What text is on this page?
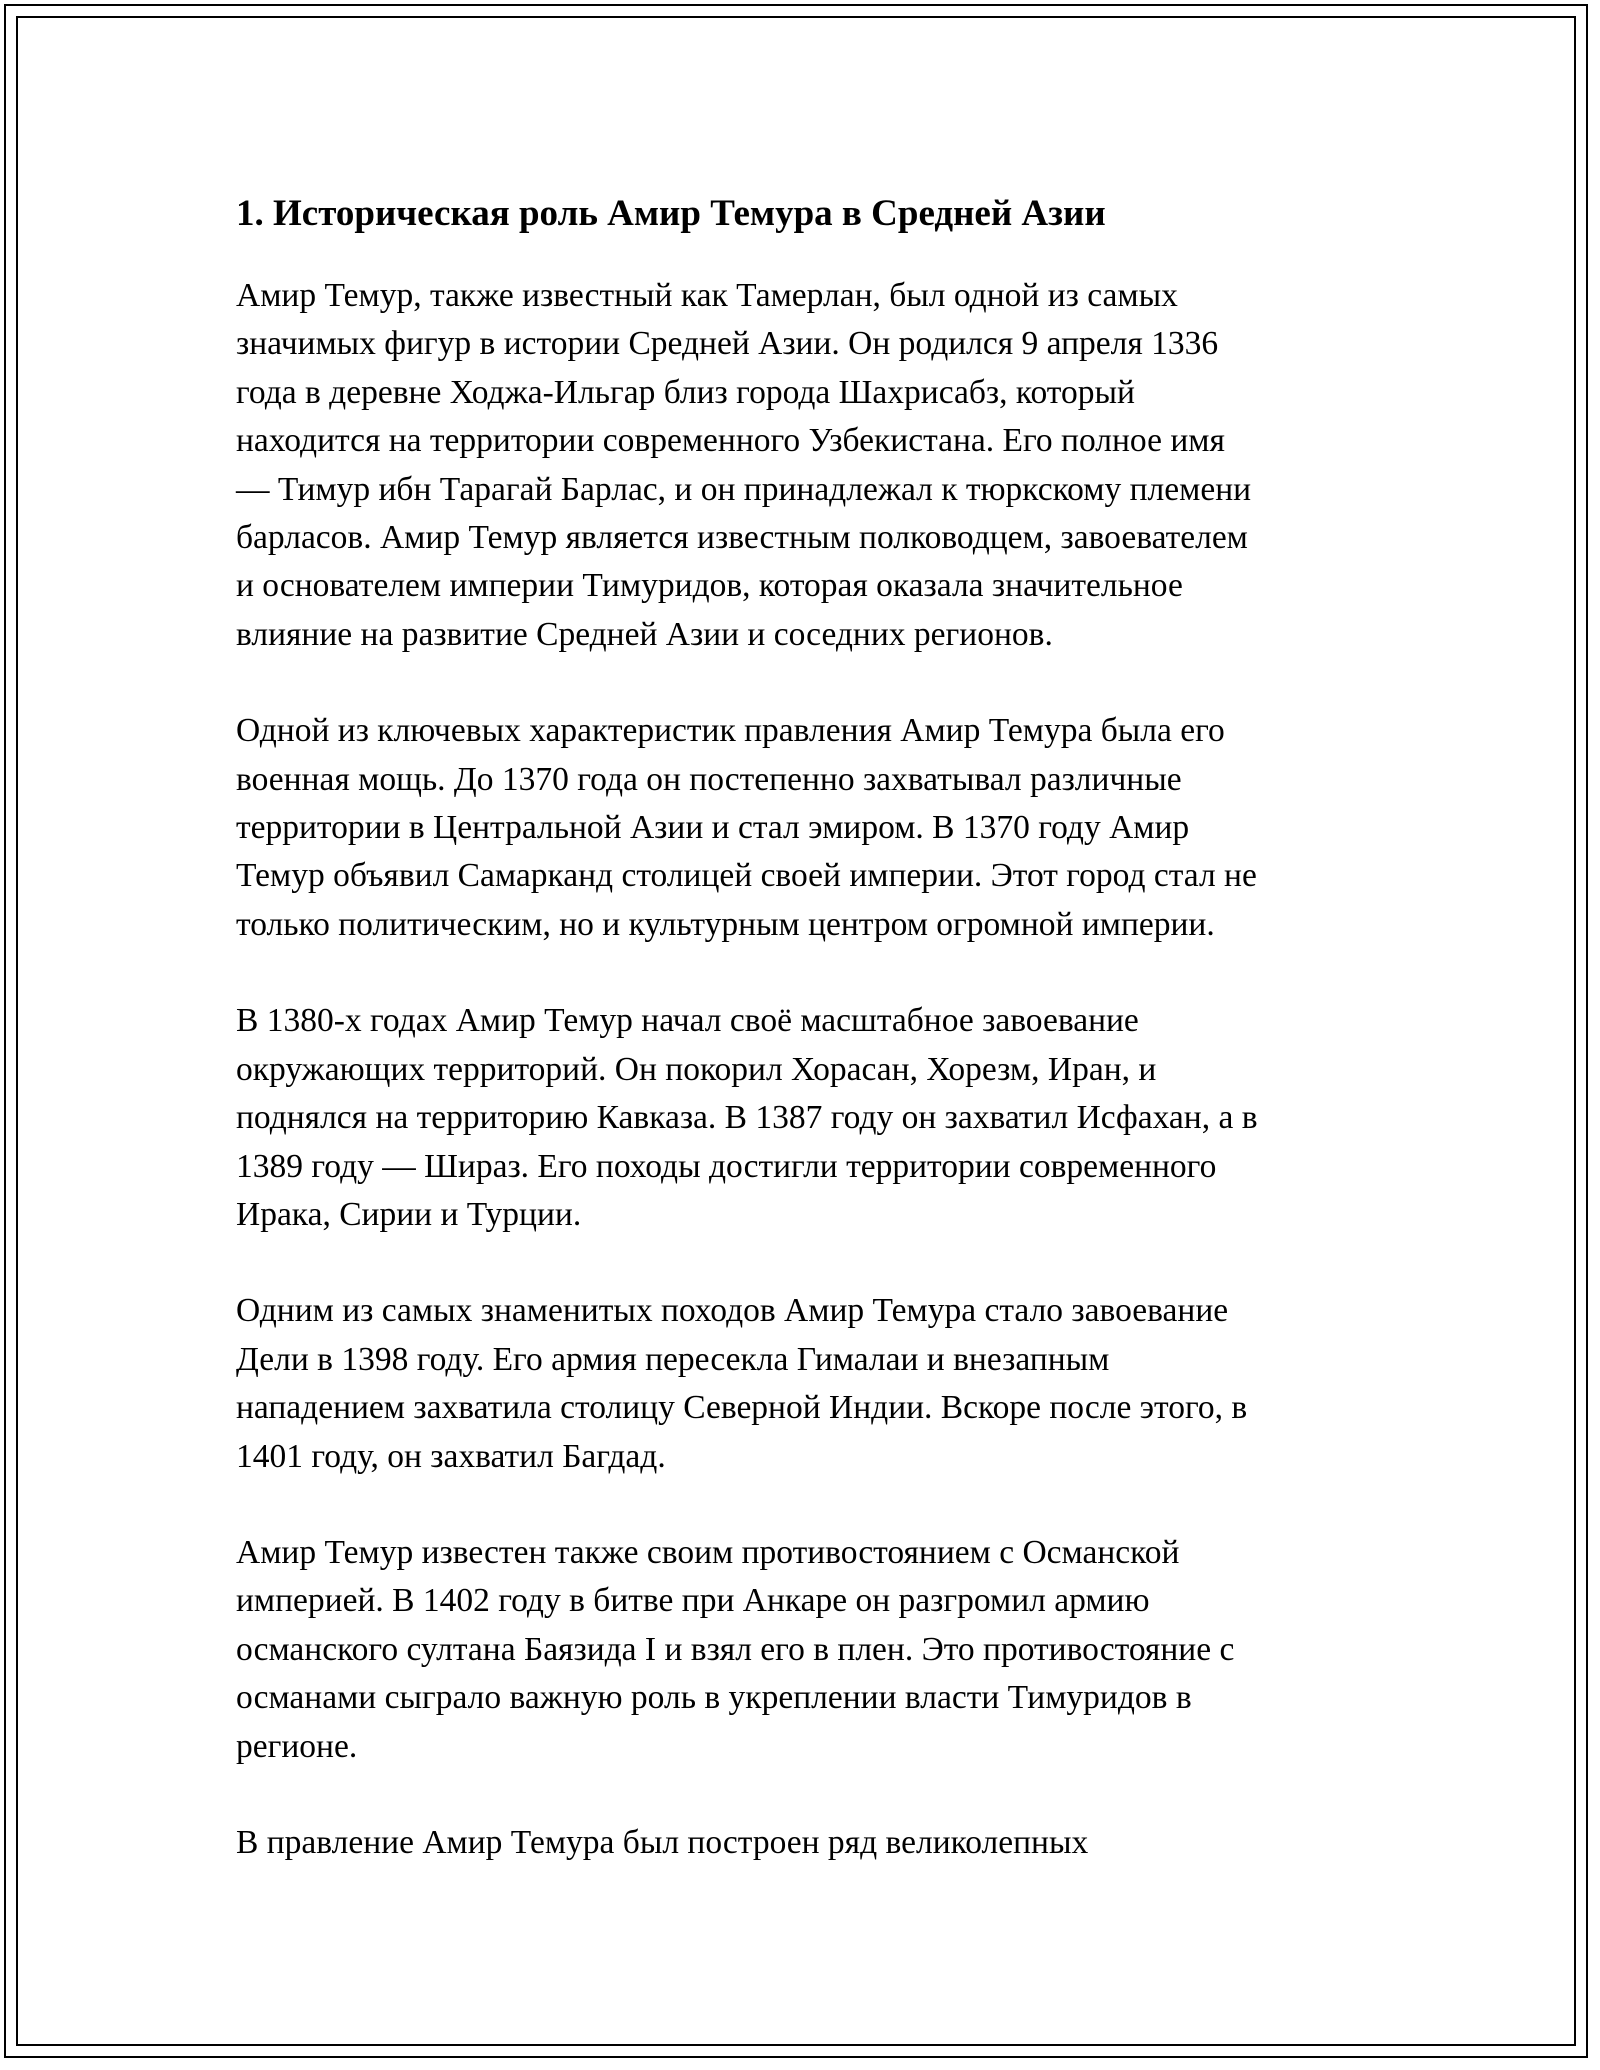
1. Историческая роль Амир Темура в Средней Азии

Амир Темур, также известный как Тамерлан, был одной из самых
значимых фигур в истории Средней Азии. Он родился 9 апреля 1336
года в деревне Ходжа-Ильгар близ города Шахрисабз, который
находится на территории современного Узбекистана. Его полное имя
— Тимур ибн Тарагай Барлас, и он принадлежал к тюркскому племени
барласов. Амир Темур является известным полководцем, завоевателем
и основателем империи Тимуридов, которая оказала значительное
влияние на развитие Средней Азии и соседних регионов.

Одной из ключевых характеристик правления Амир Темура была его
военная мощь. До 1370 года он постепенно захватывал различные
территории в Центральной Азии и стал эмиром. В 1370 году Амир
Темур объявил Самарканд столицей своей империи. Этот город стал не
только политическим, но и культурным центром огромной империи.

В 1380-х годах Амир Темур начал своё масштабное завоевание
окружающих территорий. Он покорил Хорасан, Хорезм, Иран, и
поднялся на территорию Кавказа. В 1387 году он захватил Исфахан, а в
1389 году — Шираз. Его походы достигли территории современного
Ирака, Сирии и Турции.

Одним из самых знаменитых походов Амир Темура стало завоевание
Дели в 1398 году. Его армия пересекла Гималаи и внезапным
нападением захватила столицу Северной Индии. Вскоре после этого, в
1401 году, он захватил Багдад.

Амир Темур известен также своим противостоянием с Османской
империей. В 1402 году в битве при Анкаре он разгромил армию
османского султана Баязида I и взял его в плен. Это противостояние с
османами сыграло важную роль в укреплении власти Тимуридов в
регионе.

В правление Амир Темура был построен ряд великолепных
